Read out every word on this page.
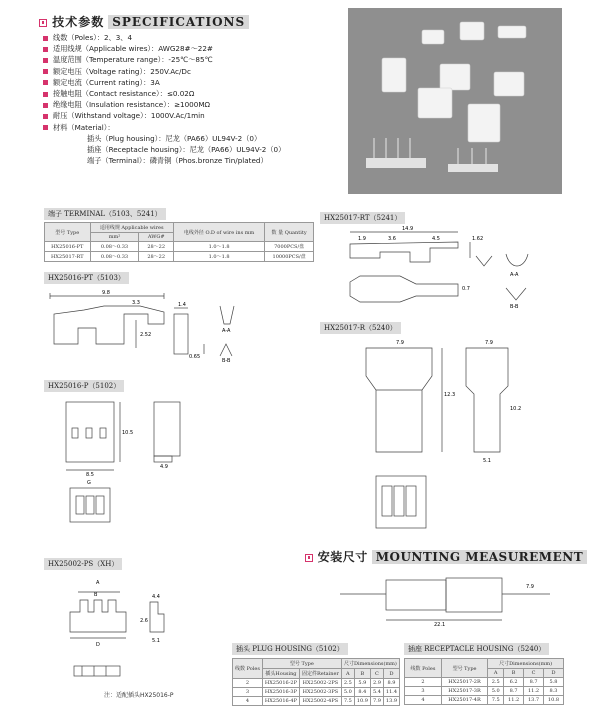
技术参数 SPECIFICATIONS
线数（Poles）：2、3、4
适用线规（Applicable wires）：AWG28#～22#
温度范围（Temperature range）：-25℃～85℃
额定电压（Voltage rating）：250V.Ac/Dc
额定电流（Current rating）：3A
接触电阻（Contact resistance）：≤0.02Ω
绝缘电阻（Insulation resistance）：≥1000MΩ
耐压（Withstand voltage）：1000V.Ac/1min
材料（Material）：
插头（Plug housing）：尼龙（PA66）UL94V-2（0）
插座（Receptacle housing）：尼龙（PA66）UL94V-2（0）
端子（Terminal）：磷青铜（Phos.bronze Tin/plated）
端子 TERMINAL（5103、5241）
型号 Type	适用线规 Applicable wires		电线外径 O.D of wire ins mm	数 量 Quantity
	mm²	AWG#		
HX25016-PT	0.08～0.33	28～22	1.0～1.8	7000PCS/盘
HX25017-RT	0.08～0.33	28～22	1.0～1.8	10000PCS/盘
HX25016-PT（5103）
9.8
3.3	1.4
2.52
0.65
A-A
B-B
HX25016-P（5102）
10.5
8.5
4.9
G
HX25002-PS（XH）
A
B
D
4.4
2.6
5.1
注：适配插头HX25016-P
HX25017-RT（5241）
14.9
1.9	3.6	4.5	1.62
0.7
A-A
B-B
HX25017-R（5240）
7.9	7.9
12.3
10.2
5.1
安装尺寸 MOUNTING MEASUREMENT
22.1
7.9
插头 PLUG HOUSING（5102）
线数 Poles	型号 Type		尺寸Dimensions(mm)			
	插头Housing	固定件Retainer	A	B	C	D
2	HX25016-2P	HX25002-2PS	2.5	5.9	2.9	8.9
3	HX25016-3P	HX25002-3PS	5.0	8.4	5.4	11.4
4	HX25016-4P	HX25002-4PS	7.5	10.9	7.9	13.9
插座 RECEPTACLE HOUSING（5240）
线数 Poles	型号 Type	尺寸Dimensions(mm)			
		A	B	C	D
2	HX25017-2R	2.5	6.2	8.7	5.8
3	HX25017-3R	5.0	8.7	11.2	8.3
4	HX25017-4R	7.5	11.2	13.7	10.8
